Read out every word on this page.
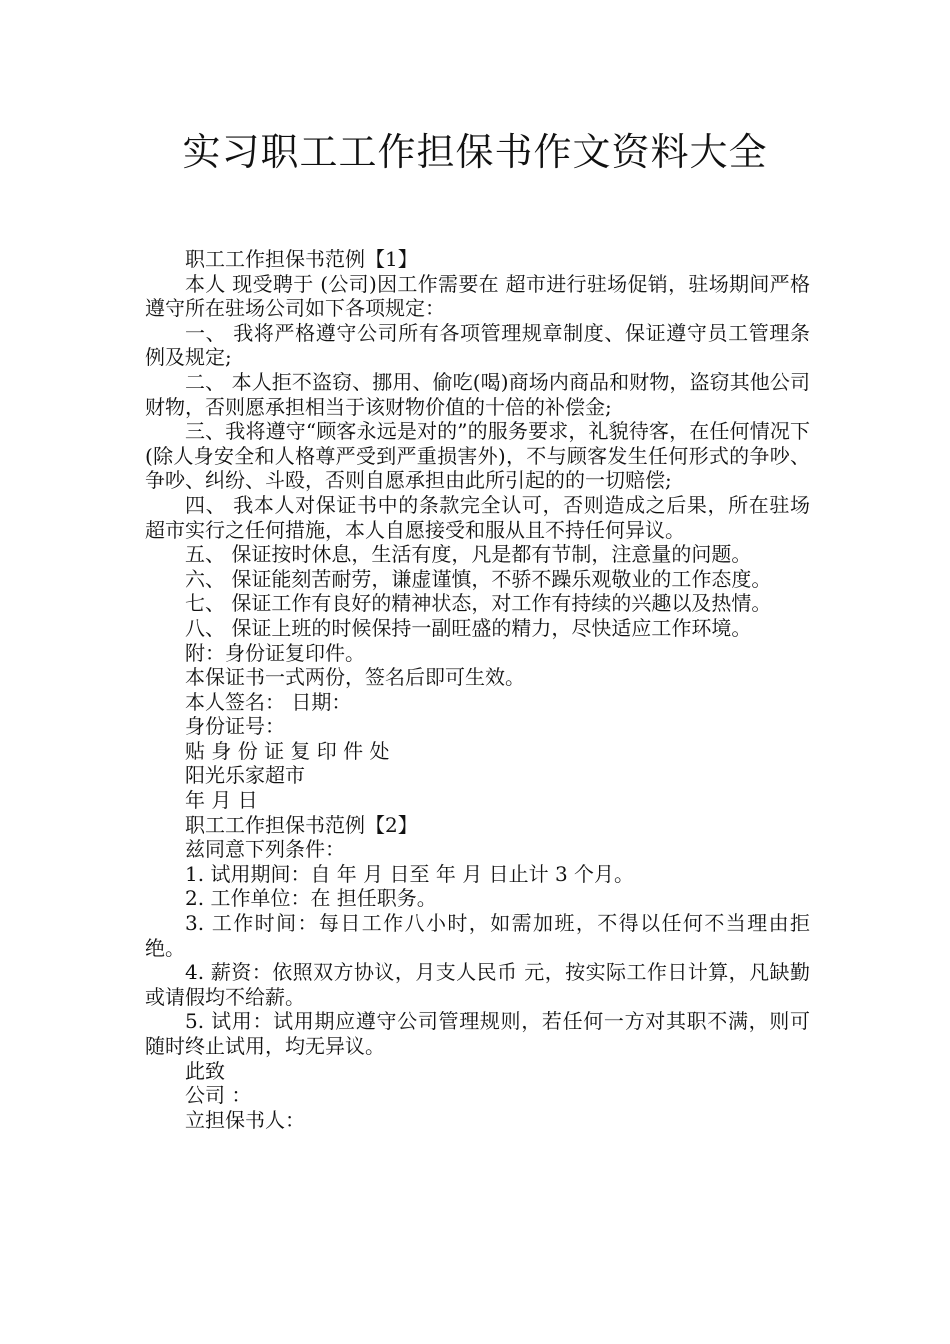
实习职工工作担保书作文资料大全

职工工作担保书范例【1】

本人 现受聘于 (公司)因工作需要在 超市进行驻场促销，驻场期间严格遵守所在驻场公司如下各项规定：

一、 我将严格遵守公司所有各项管理规章制度、保证遵守员工管理条例及规定;

二、 本人拒不盗窃、挪用、偷吃(喝)商场内商品和财物，盗窃其他公司财物，否则愿承担相当于该财物价值的十倍的补偿金;

三、我将遵守“顾客永远是对的”的服务要求，礼貌待客，在任何情况下(除人身安全和人格尊严受到严重损害外)，不与顾客发生任何形式的争吵、争吵、纠纷、斗殴，否则自愿承担由此所引起的的一切赔偿;

四、 我本人对保证书中的条款完全认可，否则造成之后果，所在驻场超市实行之任何措施，本人自愿接受和服从且不持任何异议。

五、 保证按时休息，生活有度，凡是都有节制，注意量的问题。

六、 保证能刻苦耐劳，谦虚谨慎，不骄不躁乐观敬业的工作态度。

七、 保证工作有良好的精神状态，对工作有持续的兴趣以及热情。

八、 保证上班的时候保持一副旺盛的精力，尽快适应工作环境。

附：身份证复印件。

本保证书一式两份，签名后即可生效。

本人签名： 日期：

身份证号：

贴 身 份 证 复 印 件 处

阳光乐家超市

年 月 日

职工工作担保书范例【2】

兹同意下列条件：

1. 试用期间：自 年 月 日至 年 月 日止计 3 个月。

2. 工作单位：在 担任职务。

3. 工作时间：每日工作八小时，如需加班，不得以任何不当理由拒绝。

4. 薪资：依照双方协议，月支人民币 元，按实际工作日计算，凡缺勤或请假均不给薪。

5. 试用：试用期应遵守公司管理规则，若任何一方对其职不满，则可随时终止试用，均无异议。

此致

公司 ：

立担保书人：
